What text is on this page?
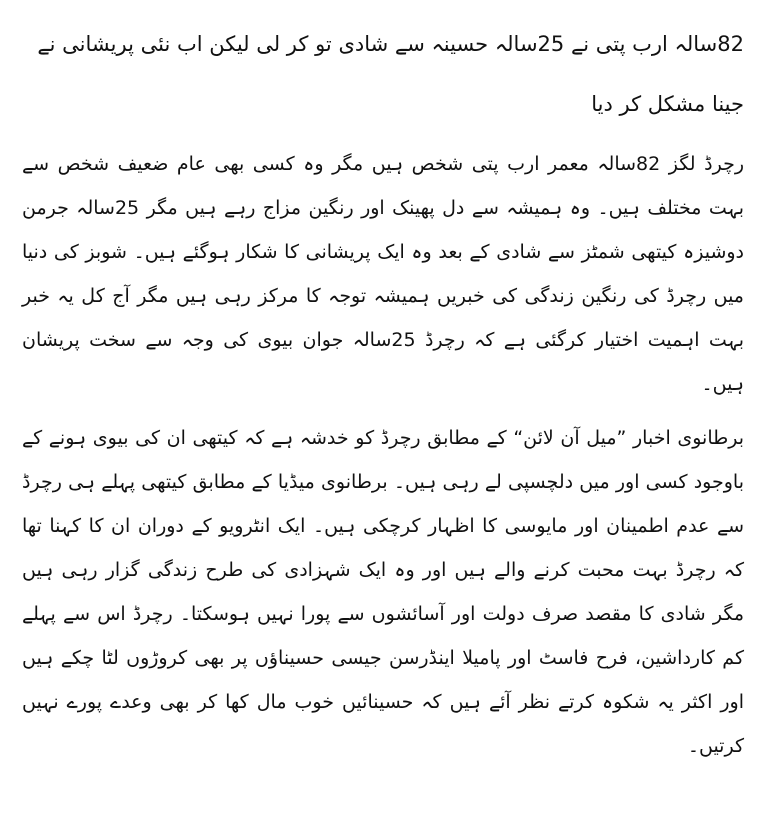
82سالہ ارب پتی نے 25سالہ حسینہ سے شادی تو کر لی لیکن اب نئی پریشانی نے جینا مشکل کر دیا

رچرڈ لگز 82سالہ معمر ارب پتی شخص ہیں مگر وہ کسی بھی عام ضعیف شخص سے بہت مختلف ہیں۔ وہ ہمیشہ سے دل پھینک اور رنگین مزاج رہے ہیں مگر 25سالہ جرمن دوشیزہ کیتھی شمٹز سے شادی کے بعد وہ ایک پریشانی کا شکار ہوگئے ہیں۔ شوبز کی دنیا میں رچرڈ کی رنگین زندگی کی خبریں ہمیشہ توجہ کا مرکز رہی ہیں مگر آج کل یہ خبر بہت اہمیت اختیار کرگئی ہے کہ رچرڈ 25سالہ جوان بیوی کی وجہ سے سخت پریشان ہیں۔

برطانوی اخبار ”میل آن لائن“ کے مطابق رچرڈ کو خدشہ ہے کہ کیتھی ان کی بیوی ہونے کے باوجود کسی اور میں دلچسپی لے رہی ہیں۔ برطانوی میڈیا کے مطابق کیتھی پہلے ہی رچرڈ سے عدم اطمینان اور مایوسی کا اظہار کرچکی ہیں۔ ایک انٹرویو کے دوران ان کا کہنا تھا کہ رچرڈ بہت محبت کرنے والے ہیں اور وہ ایک شہزادی کی طرح زندگی گزار رہی ہیں مگر شادی کا مقصد صرف دولت اور آسائشوں سے پورا نہیں ہوسکتا۔ رچرڈ اس سے پہلے کم کارداشین، فرح فاسٹ اور پامیلا اینڈرسن جیسی حسیناﺅں پر بھی کروڑوں لٹا چکے ہیں اور اکثر یہ شکوہ کرتے نظر آئے ہیں کہ حسینائیں خوب مال کھا کر بھی وعدے پورے نہیں کرتیں۔
